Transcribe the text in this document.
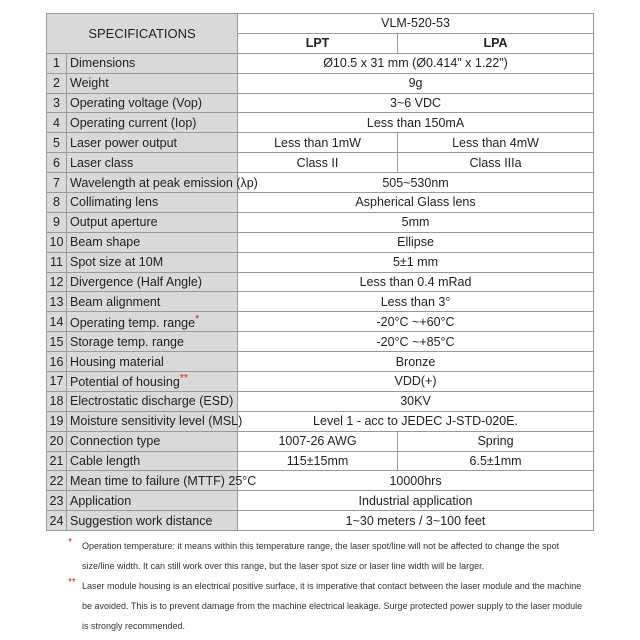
SPECIFICATIONS		VLM-520-53	
		LPT	LPA
1	Dimensions	Ø10.5 x 31 mm (Ø0.414" x 1.22")	
2	Weight	9g	
3	Operating voltage (Vop)	3~6 VDC	
4	Operating current (Iop)	Less than 150mA	
5	Laser power output	Less than 1mW	Less than 4mW
6	Laser class	Class II	Class IIIa
7	Wavelength at peak emission (λp)	505~530nm	
8	Collimating lens	Aspherical Glass lens	
9	Output aperture	5mm	
10	Beam shape	Ellipse	
11	Spot size at 10M	5±1 mm	
12	Divergence (Half Angle)	Less than 0.4 mRad	
13	Beam alignment	Less than 3°	
14	Operating temp. range*	-20°C ~+60°C	
15	Storage temp. range	-20°C ~+85°C	
16	Housing material	Bronze	
17	Potential of housing**	VDD(+)	
18	Electrostatic discharge (ESD)	30KV	
19	Moisture sensitivity level (MSL)	Level 1 - acc to JEDEC J-STD-020E.	
20	Connection type	1007-26 AWG	Spring
21	Cable length	115±15mm	6.5±1mm
22	Mean time to failure (MTTF) 25°C	10000hrs	
23	Application	Industrial application	
24	Suggestion work distance	1~30 meters / 3~100 feet	
* Operation temperature: it means within this temperature range, the laser spot/line will not be affected to change the spot size/line width. It can still work over this range, but the laser spot size or laser line width will be larger.
** Laser module housing is an electrical positive surface, it is imperative that contact between the laser module and the machine be avoided. This is to prevent damage from the machine electrical leakage. Surge protected power supply to the laser module is strongly recommended.
